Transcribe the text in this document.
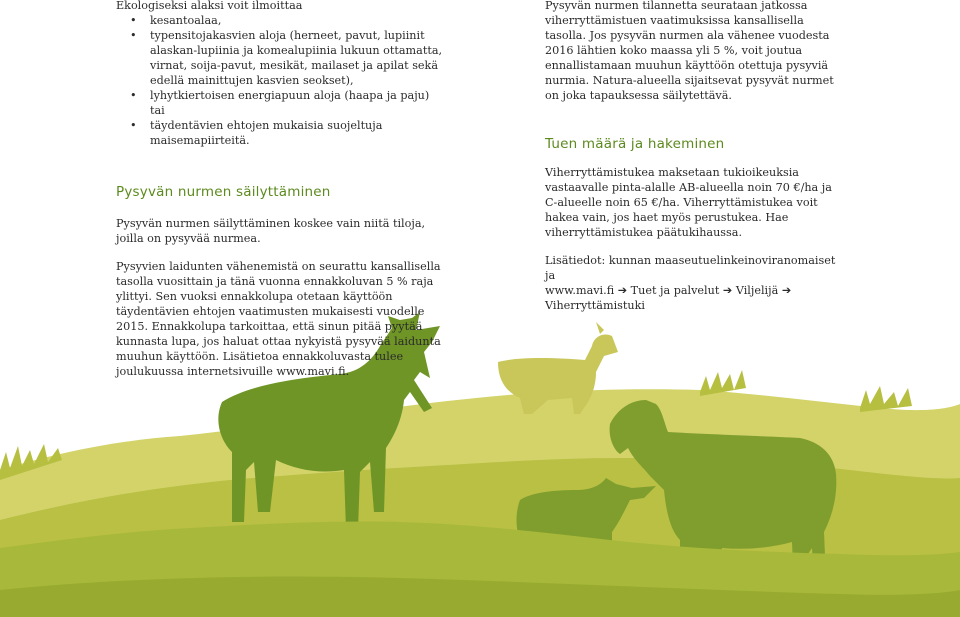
Ekologiseksi alaksi voit ilmoittaa

• kesantoalaa,
• typensitojakasvien aloja (herneet, pavut, lupiinit alaskan-lupiinia ja komealupiinia lukuun ottamatta, virnat, soija-pavut, mesikät, mailaset ja apilat sekä edellä mainittujen kasvien seokset),
• lyhytkiertoisen energiapuun aloja (haapa ja paju) tai
• täydentävien ehtojen mukaisia suojeltuja maisemapiirteitä.
Pysyvän nurmen säilyttäminen

Pysyvän nurmen säilyttäminen koskee vain niitä tiloja, joilla on pysyvää nurmea.

Pysyvien laidunten vähenemistä on seurattu kansallisella tasolla vuosittain ja tänä vuonna ennakkoluvan 5 % raja ylittyi. Sen vuoksi ennakkolupa otetaan käyttöön täydentävien ehtojen vaatimusten mukaisesti vuodelle 2015. Ennakkolupa tarkoittaa, että sinun pitää pyytää kunnasta lupa, jos haluat ottaa nykyistä pysyvää laidunta muuhun käyttöön. Lisätietoa ennakkoluvasta tulee joulukuussa internetsivuille www.mavi.fi.

Pysyvän nurmen tilannetta seurataan jatkossa viherryttämistuen vaatimuksissa kansallisella tasolla. Jos pysyvän nurmen ala vähenee vuodesta 2016 lähtien koko maassa yli 5 %, voit joutua ennallistamaan muuhun käyttöön otettuja pysyviä nurmia. Natura-alueella sijaitsevat pysyvät nurmet on joka tapauksessa säilytettävä.

Tuen määrä ja hakeminen

Viherryttämistukea maksetaan tukioikeuksia vastaavalle pinta-alalle AB-alueella noin 70 €/ha ja C-alueelle noin 65 €/ha. Viherryttämistukea voit hakea vain, jos haet myös perustukea. Hae viherryttämistukea päätukihaussa.

Lisätiedot: kunnan maaseutuelinkeinoviranomaiset ja
www.mavi.fi ➔ Tuet ja palvelut ➔ Viljelijä ➔ Viherryttämistuki
